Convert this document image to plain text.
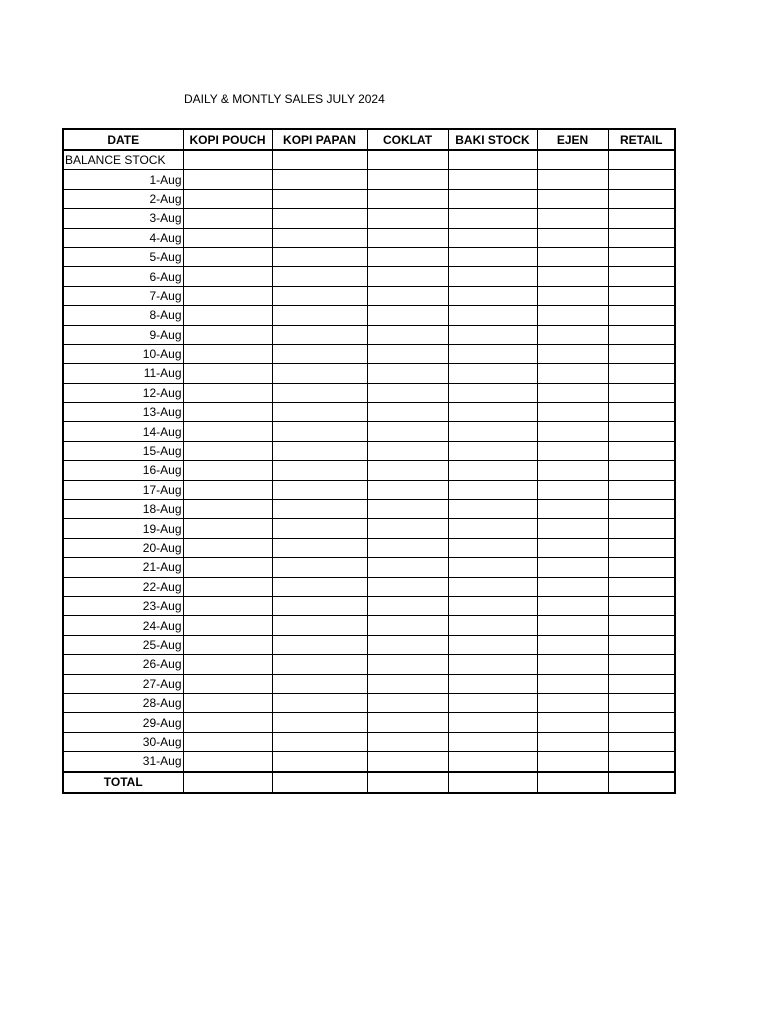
DAILY & MONTLY SALES JULY 2024
DATE	KOPI POUCH	KOPI PAPAN	COKLAT	BAKI STOCK	EJEN	RETAIL
BALANCE STOCK						
1-Aug						
2-Aug						
3-Aug						
4-Aug						
5-Aug						
6-Aug						
7-Aug						
8-Aug						
9-Aug						
10-Aug						
11-Aug						
12-Aug						
13-Aug						
14-Aug						
15-Aug						
16-Aug						
17-Aug						
18-Aug						
19-Aug						
20-Aug						
21-Aug						
22-Aug						
23-Aug						
24-Aug						
25-Aug						
26-Aug						
27-Aug						
28-Aug						
29-Aug						
30-Aug						
31-Aug						
TOTAL						
